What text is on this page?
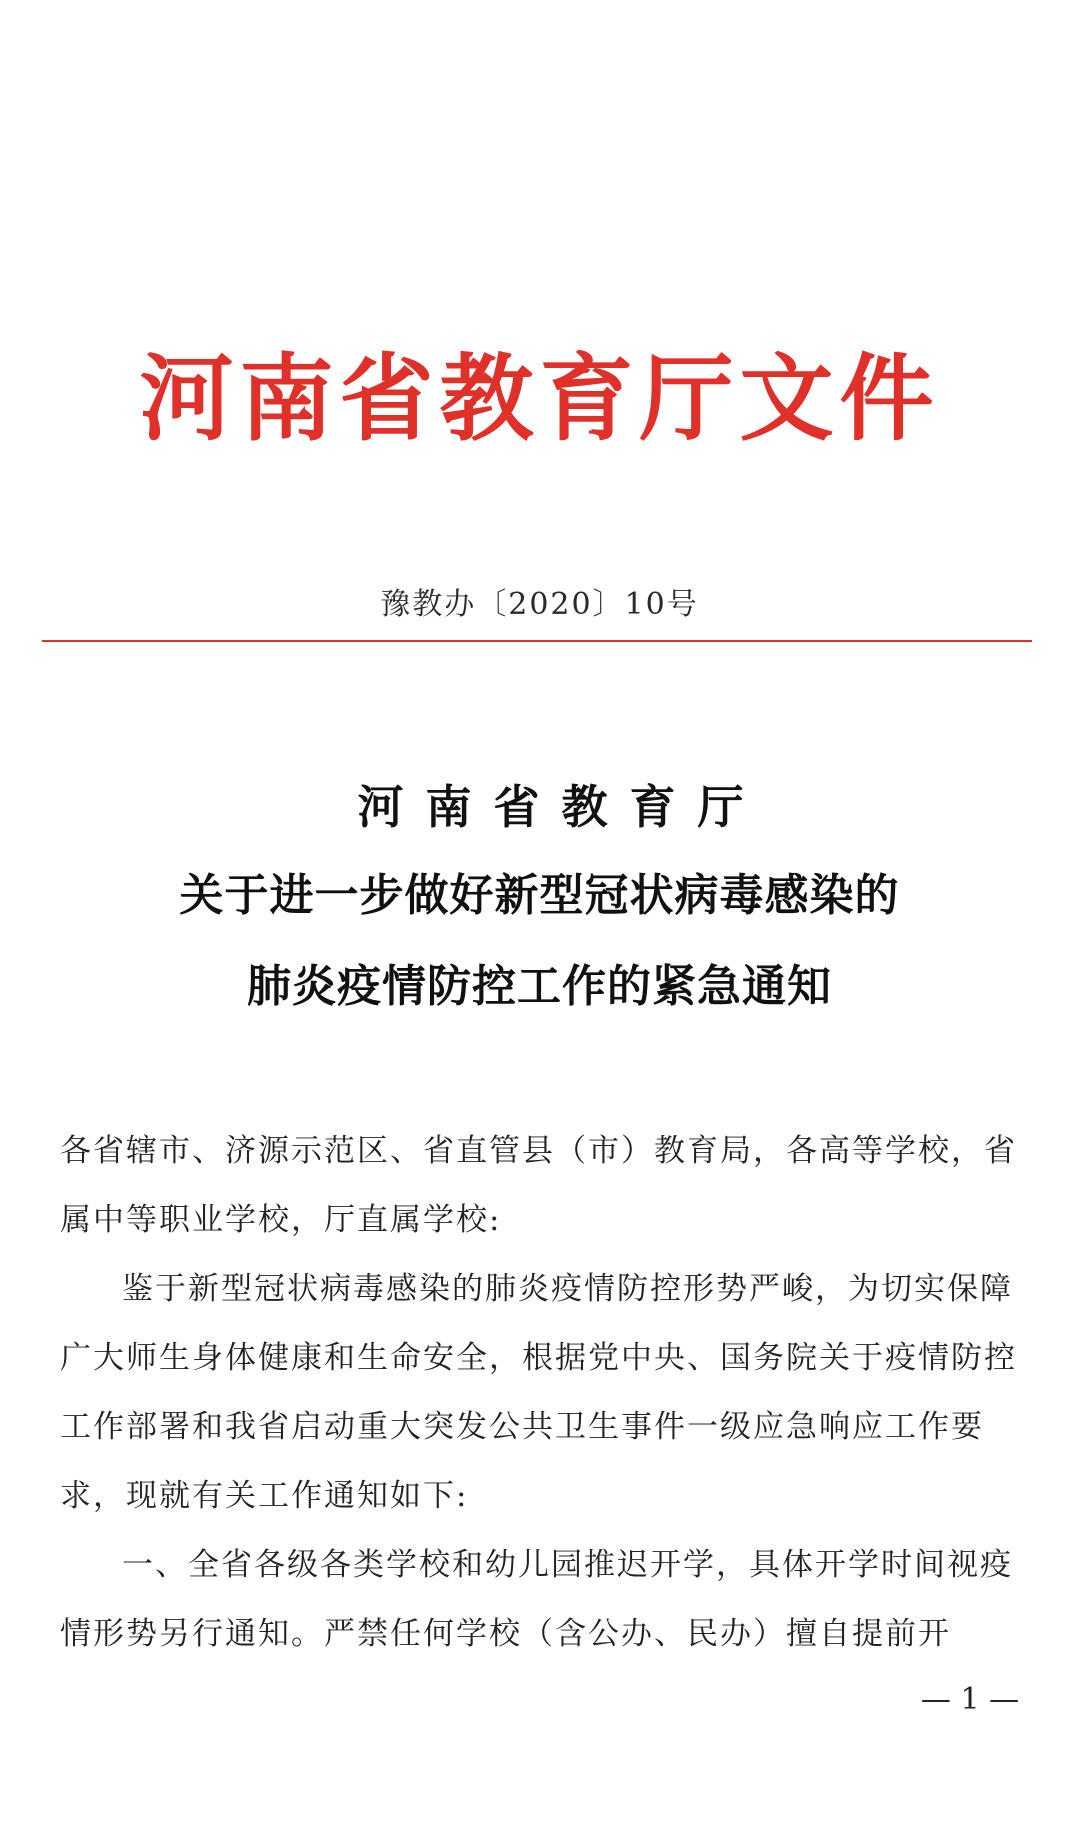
河南省教育厅文件
豫教办〔2020〕10号
河南省教育厅
关于进一步做好新型冠状病毒感染的
肺炎疫情防控工作的紧急通知

各省辖市、济源示范区、省直管县（市）教育局，各高等学校，省属中等职业学校，厅直属学校:

鉴于新型冠状病毒感染的肺炎疫情防控形势严峻，为切实保障广大师生身体健康和生命安全，根据党中央、国务院关于疫情防控工作部署和我省启动重大突发公共卫生事件一级应急响应工作要求，现就有关工作通知如下:

一、全省各级各类学校和幼儿园推迟开学，具体开学时间视疫情形势另行通知。严禁任何学校（含公办、民办）擅自提前开

— 1 —
